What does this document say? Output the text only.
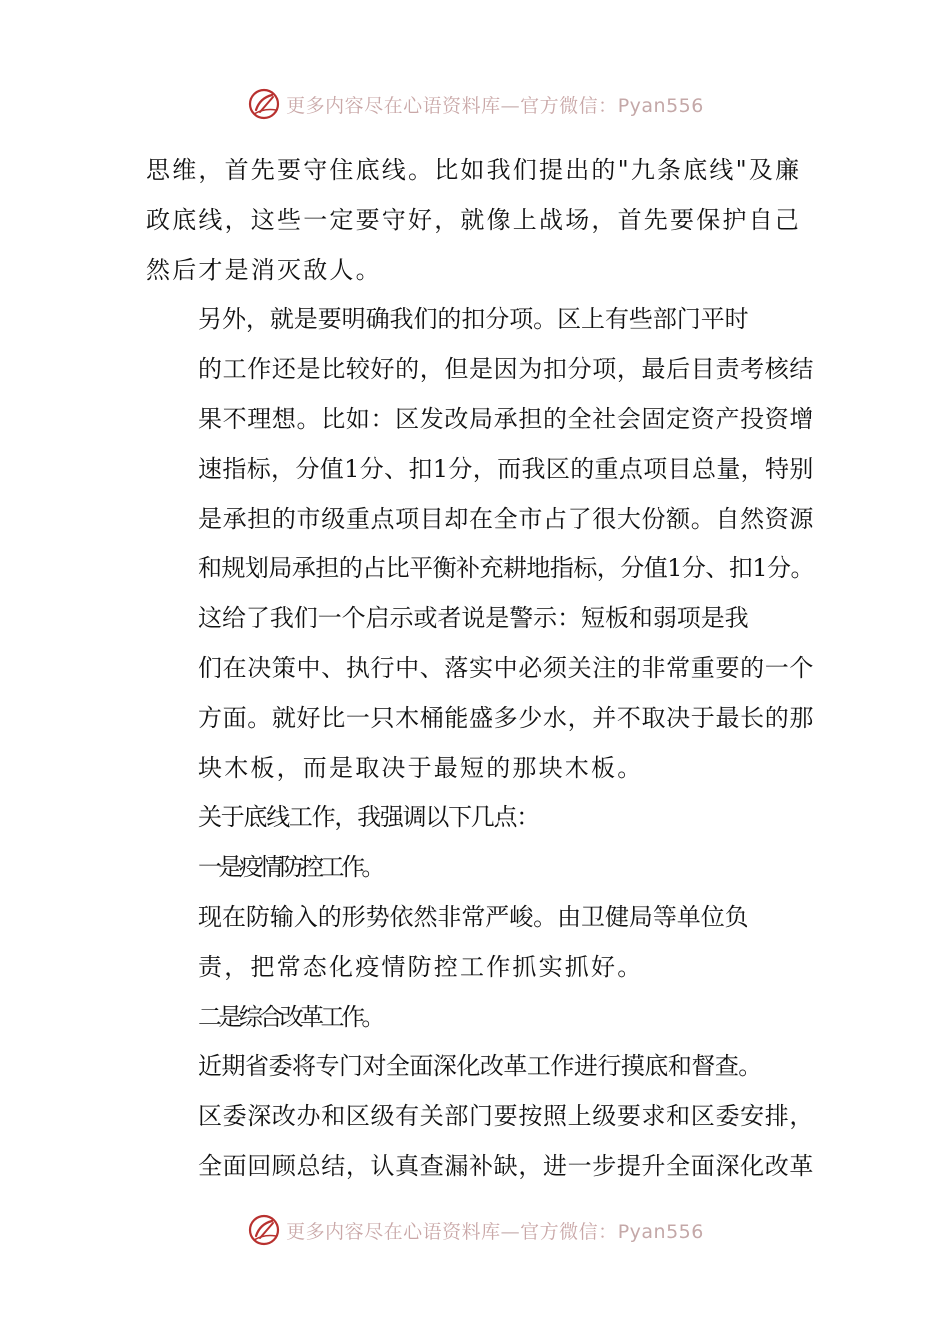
更多内容尽在心语资料库—官方微信：Pyan556

思维，首先要守住底线。比如我们提出的"九条底线"及廉
政底线，这些一定要守好，就像上战场，首先要保护自己
然后才是消灭敌人。

另外，就是要明确我们的扣分项。区上有些部门平时
的工作还是比较好的，但是因为扣分项，最后目责考核结
果不理想。比如：区发改局承担的全社会固定资产投资增
速指标，分值1分、扣1分，而我区的重点项目总量，特别
是承担的市级重点项目却在全市占了很大份额。自然资源
和规划局承担的占比平衡补充耕地指标，分值1分、扣1分。

这给了我们一个启示或者说是警示：短板和弱项是我
们在决策中、执行中、落实中必须关注的非常重要的一个
方面。就好比一只木桶能盛多少水，并不取决于最长的那
块木板，而是取决于最短的那块木板。

关于底线工作，我强调以下几点：

一是疫情防控工作。

现在防输入的形势依然非常严峻。由卫健局等单位负
责，把常态化疫情防控工作抓实抓好。

二是综合改革工作。

近期省委将专门对全面深化改革工作进行摸底和督查。
区委深改办和区级有关部门要按照上级要求和区委安排，
全面回顾总结，认真查漏补缺，进一步提升全面深化改革

更多内容尽在心语资料库—官方微信：Pyan556
